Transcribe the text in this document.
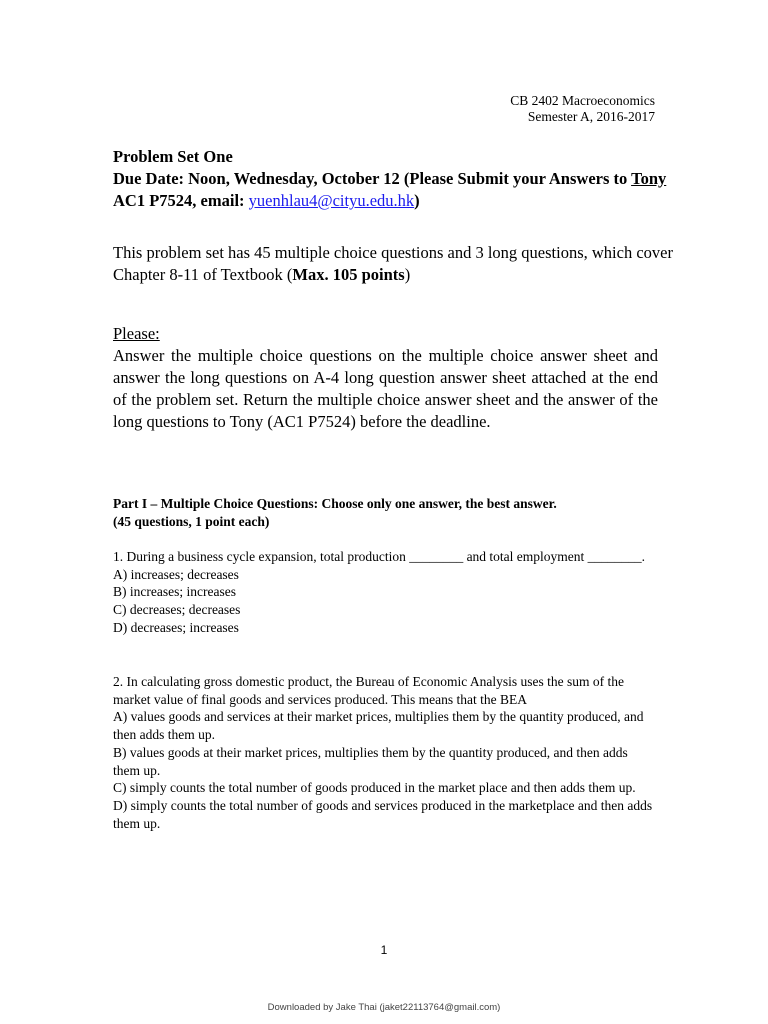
CB 2402 Macroeconomics
Semester A, 2016-2017
Problem Set One
Due Date: Noon, Wednesday, October 12 (Please Submit your Answers to Tony AC1 P7524, email: yuenhlau4@cityu.edu.hk)
This problem set has 45 multiple choice questions and 3 long questions, which cover Chapter 8-11 of Textbook (Max. 105 points)
Please:
Answer the multiple choice questions on the multiple choice answer sheet and answer the long questions on A-4 long question answer sheet attached at the end of the problem set. Return the multiple choice answer sheet and the answer of the long questions to Tony (AC1 P7524) before the deadline.
Part I – Multiple Choice Questions: Choose only one answer, the best answer.
(45 questions, 1 point each)

1. During a business cycle expansion, total production ________ and total employment ________.

A) increases; decreases

B) increases; increases

C) decreases; decreases

D) decreases; increases

2. In calculating gross domestic product, the Bureau of Economic Analysis uses the sum of the market value of final goods and services produced. This means that the BEA

A) values goods and services at their market prices, multiplies them by the quantity produced, and then adds them up.

B) values goods at their market prices, multiplies them by the quantity produced, and then adds them up.

C) simply counts the total number of goods produced in the market place and then adds them up.

D) simply counts the total number of goods and services produced in the marketplace and then adds them up.

1
Downloaded by Jake Thai (jaket22113764@gmail.com)
